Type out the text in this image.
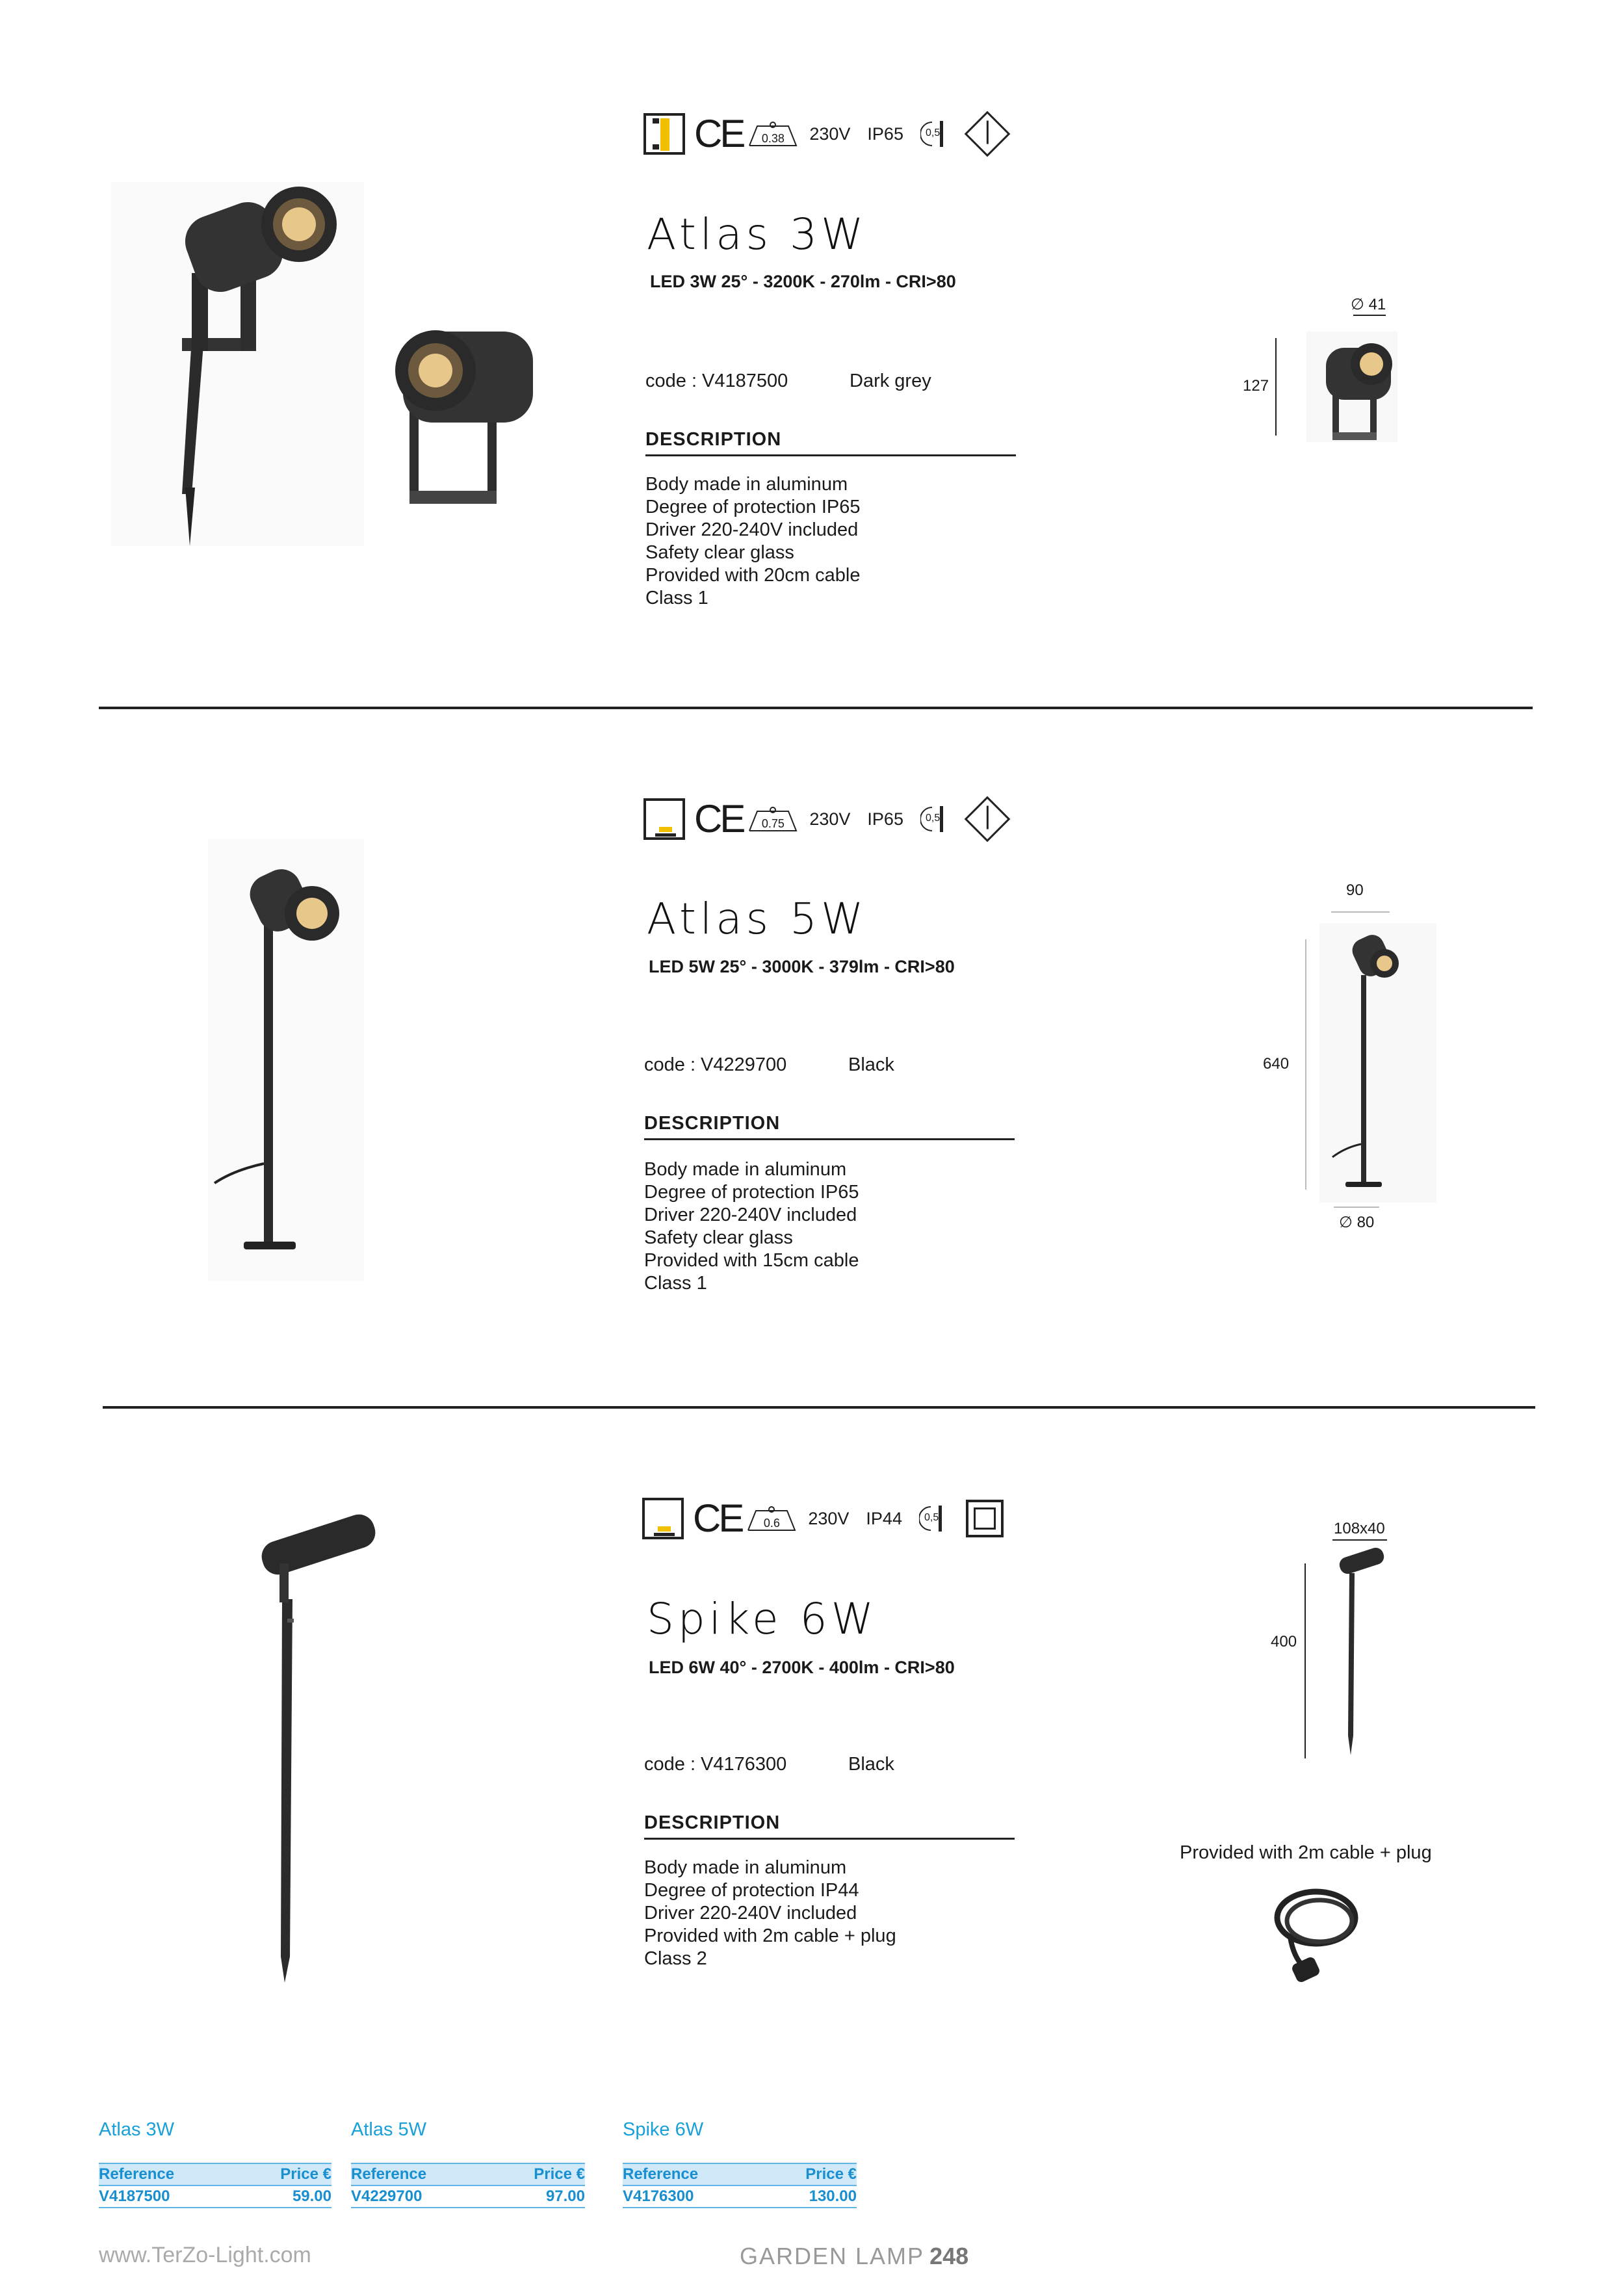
CE	0.38	230V IP65 0,5
Atlas 3W
LED 3W 25° - 3200K - 270lm - CRI>80
code : V4187500	Dark grey
DESCRIPTION
Body made in aluminum
Degree of protection IP65
Driver 220-240V included
Safety clear glass
Provided with 20cm cable
Class 1
∅ 41
127
CE	0.75	230V IP65 0,5
Atlas 5W
LED 5W 25° - 3000K - 379lm - CRI>80
code : V4229700	Black
DESCRIPTION
Body made in aluminum
Degree of protection IP65
Driver 220-240V included
Safety clear glass
Provided with 15cm cable
Class 1
90
640
∅ 80
CE	0.6	230V IP44 0,5
Spike 6W
LED 6W 40° - 2700K - 400lm - CRI>80
code : V4176300	Black
DESCRIPTION
Body made in aluminum
Degree of protection IP44
Driver 220-240V included
Provided with 2m cable + plug
Class 2
108x40
400
Provided with 2m cable + plug
Atlas 3W
Reference	Price €
V4187500	59.00
Atlas 5W
Reference	Price €
V4229700	97.00
Spike 6W
Reference	Price €
V4176300	130.00
www.TerZo-Light.com	GARDEN LAMP 248
